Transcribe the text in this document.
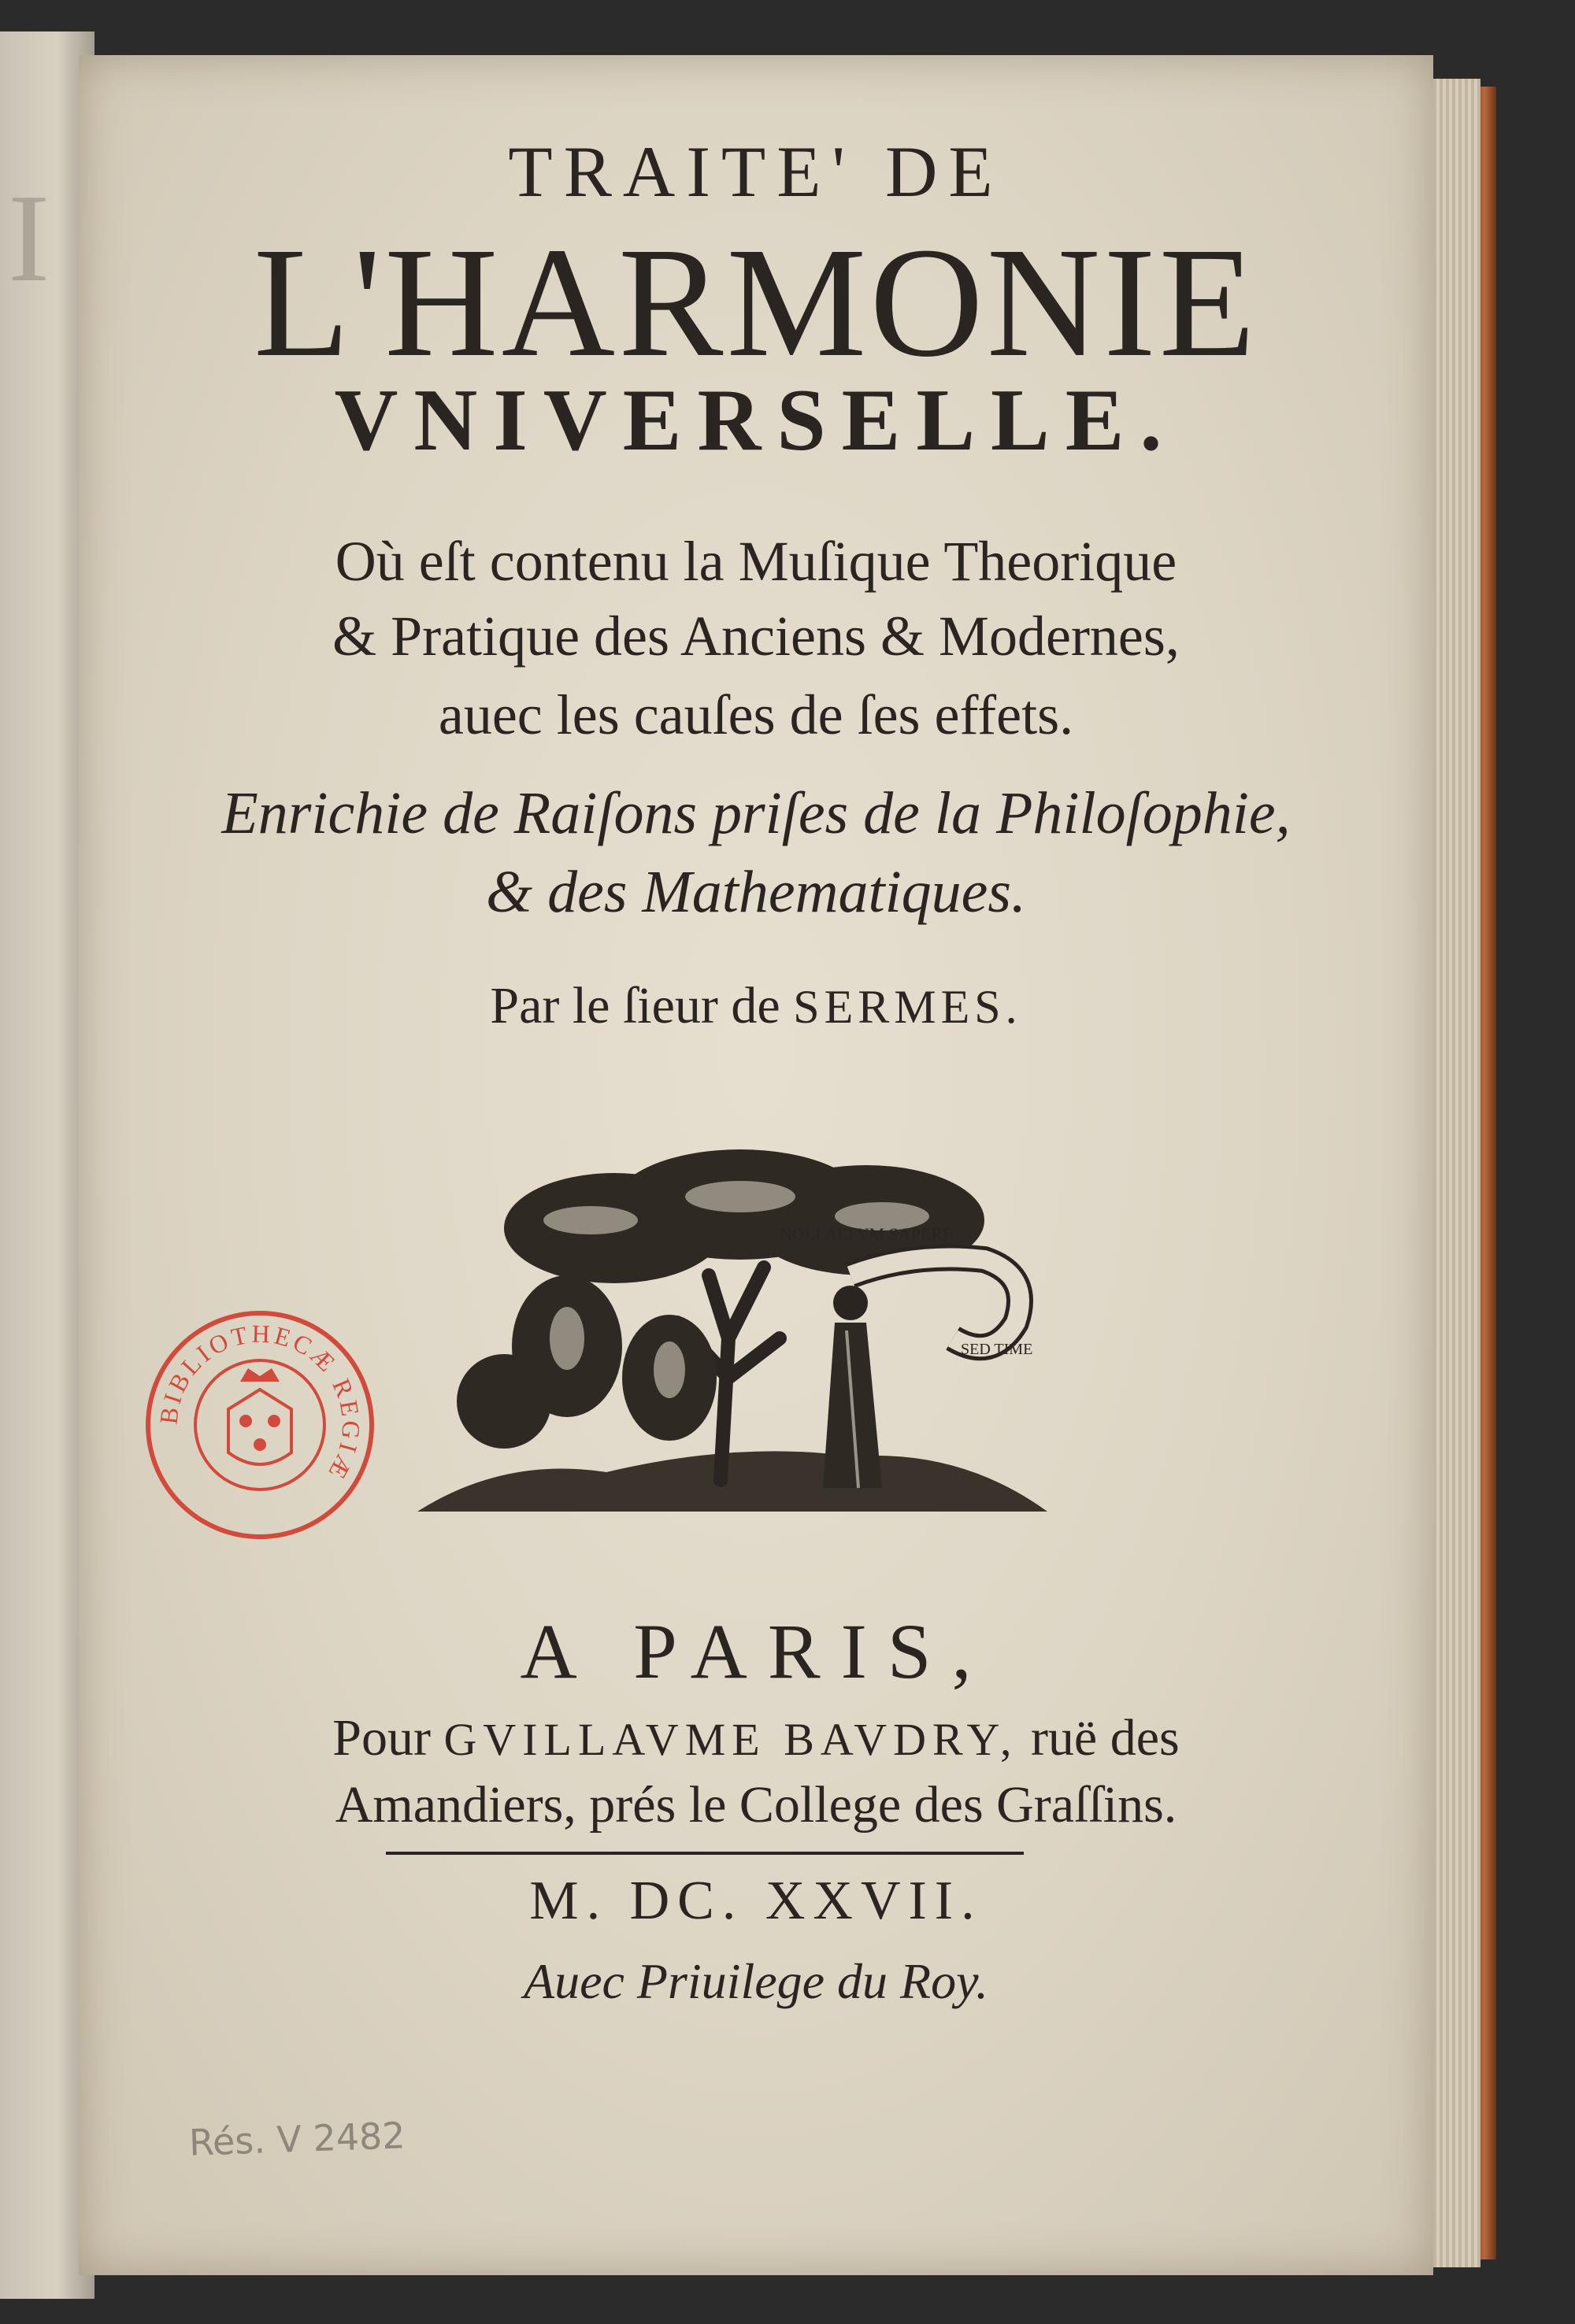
I	TRAITE' DE
L'HARMONIE
VNIVERSELLE.
Où eſt contenu la Muſique Theorique
& Pratique des Anciens & Modernes,
auec les cauſes de ſes effets.
Enrichie de Raiſons priſes de la Philoſophie,
& des Mathematiques.
Par le ſieur de SERMES.
NOLI ALTVM SAPERE
SED TIME
BIBLIOTHECÆ REGIÆ
A PARIS,
Pour GVILLAVME BAVDRY, ruë des
Amandiers, prés le College des Graſſins.
M. DC. XXVII.
Auec Priuilege du Roy.
Rés. V 2482
